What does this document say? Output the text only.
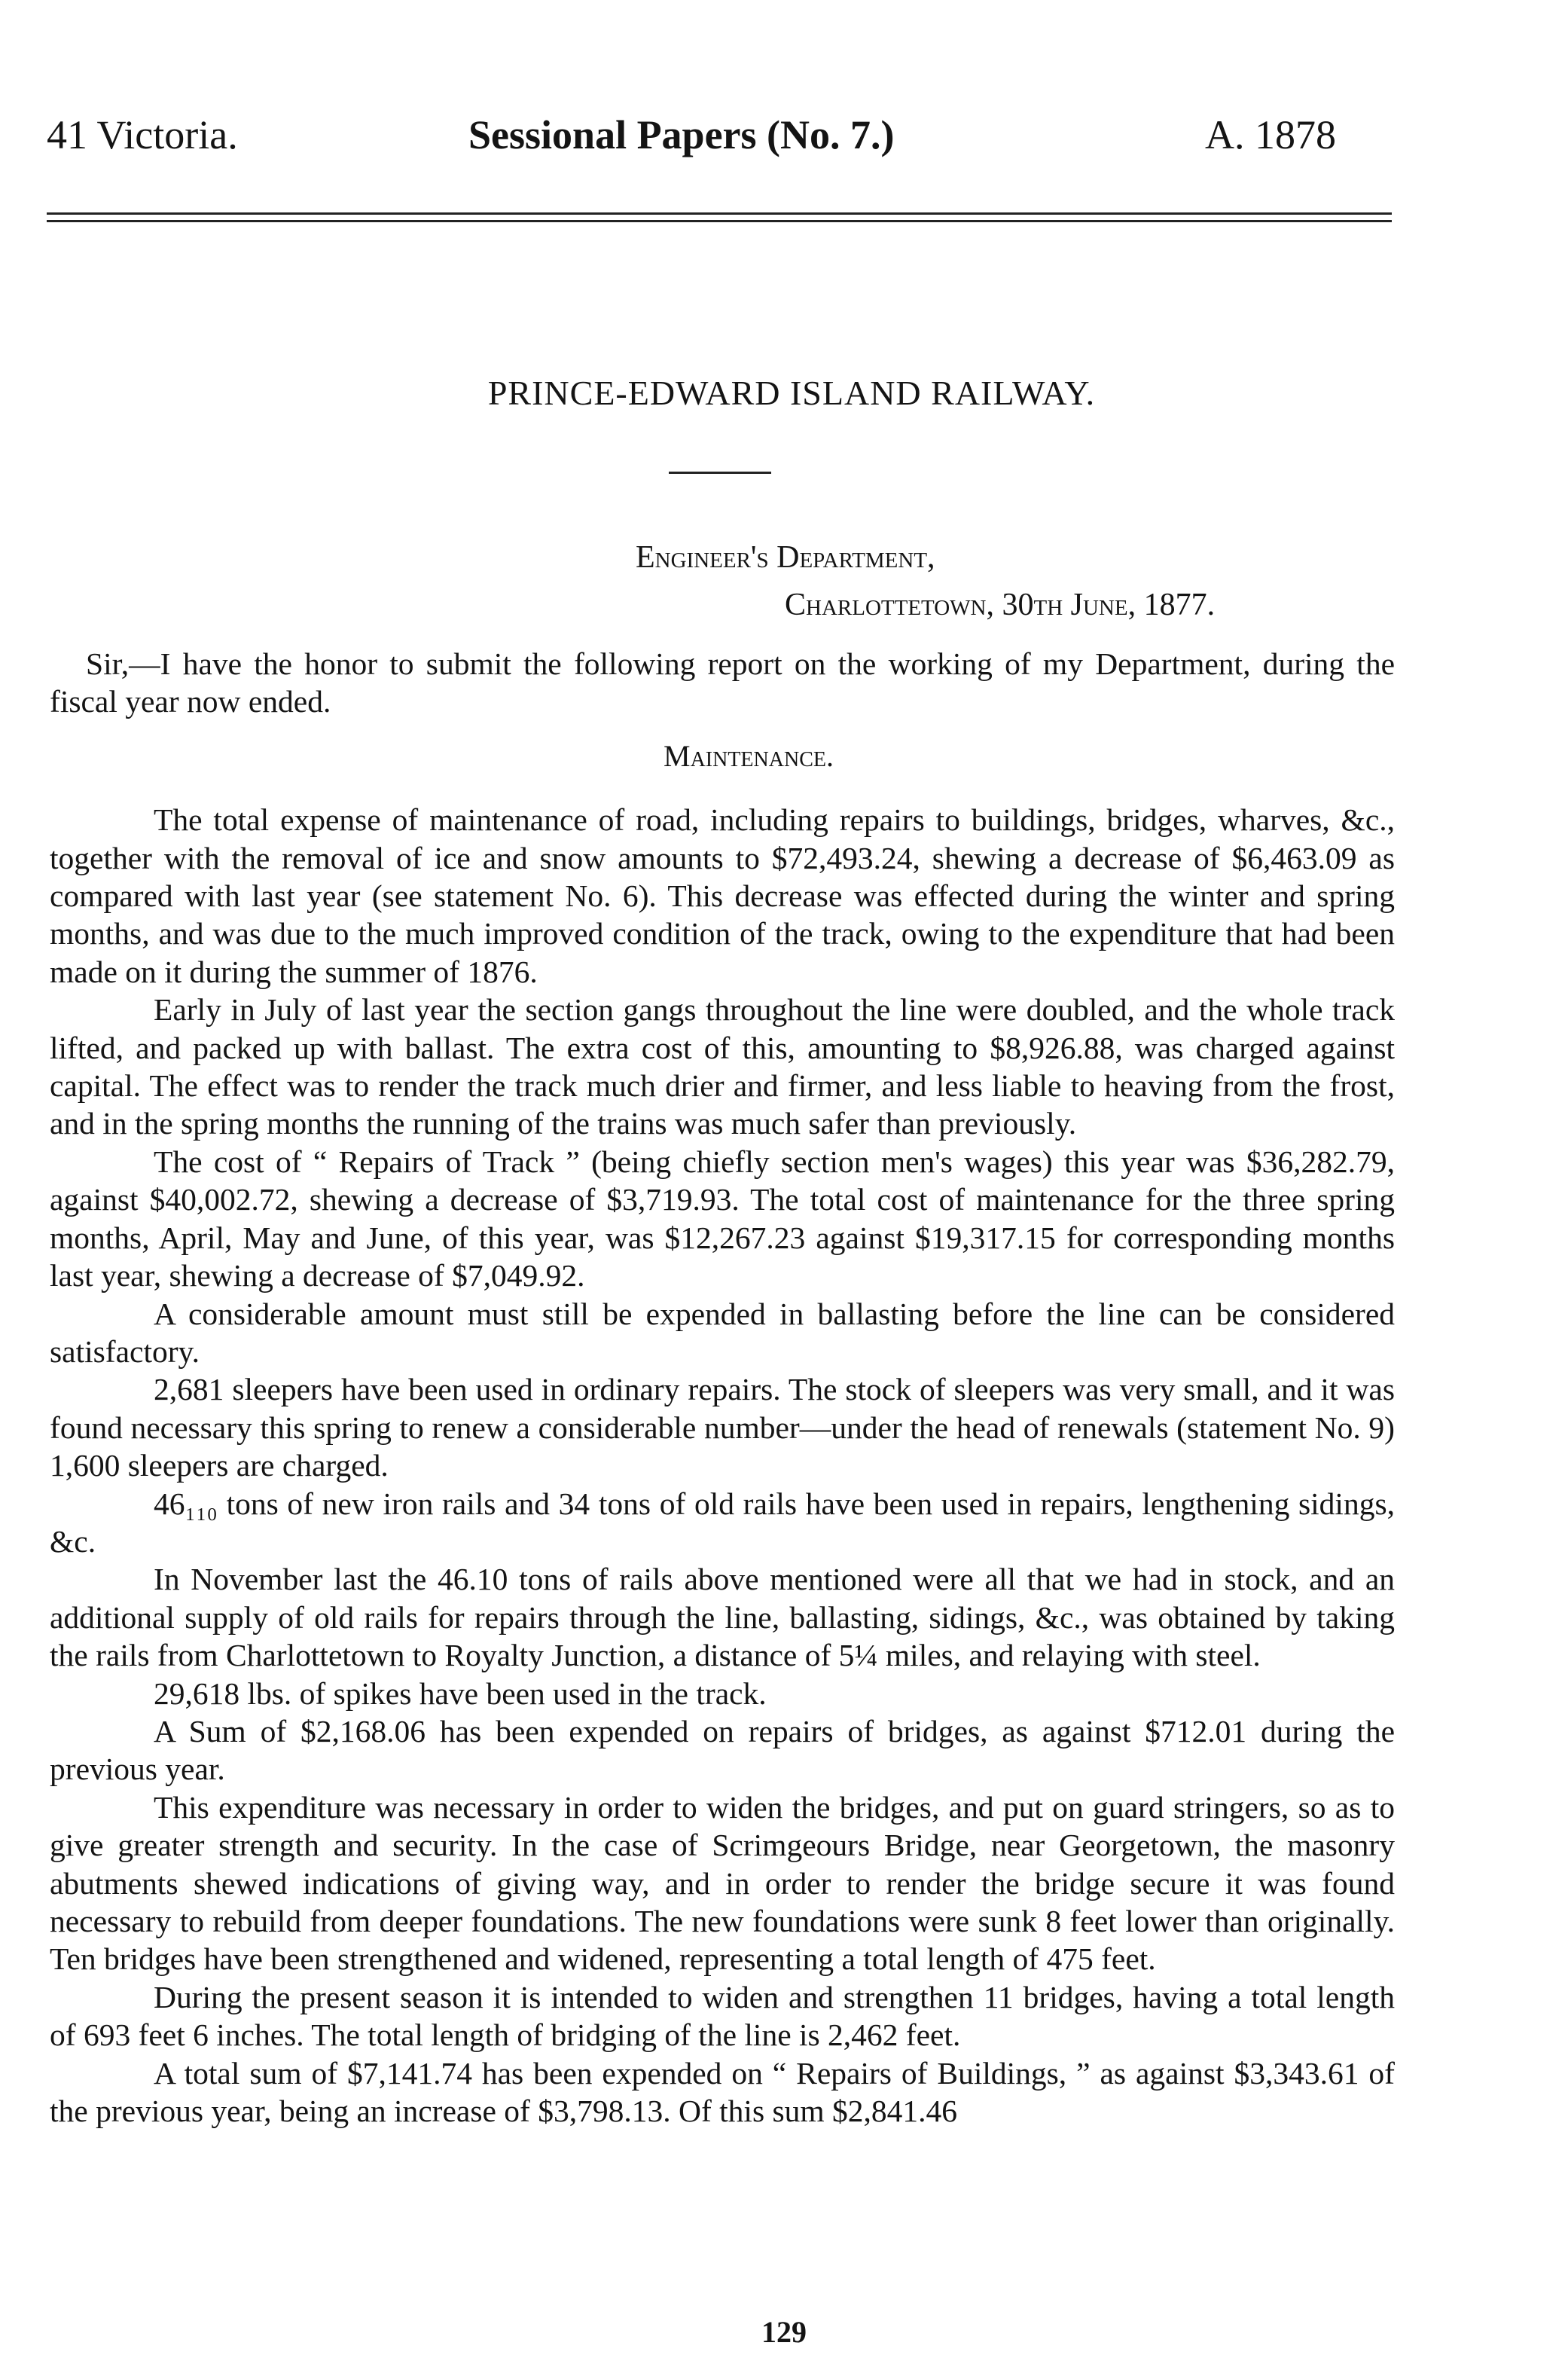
41 Victoria.	Sessional Papers (No. 7.)	A. 1878
PRINCE-EDWARD ISLAND RAILWAY.
Engineer's Department,
Charlottetown, 30th June, 1877.

Sir,—I have the honor to submit the following report on the working of my Department, during the fiscal year now ended.

Maintenance.

The total expense of maintenance of road, including repairs to buildings, bridges, wharves, &c., together with the removal of ice and snow amounts to $72,493.24, shewing a decrease of $6,463.09 as compared with last year (see statement No. 6). This decrease was effected during the winter and spring months, and was due to the much improved condition of the track, owing to the expenditure that had been made on it during the summer of 1876.

Early in July of last year the section gangs throughout the line were doubled, and the whole track lifted, and packed up with ballast. The extra cost of this, amounting to $8,926.88, was charged against capital. The effect was to render the track much drier and firmer, and less liable to heaving from the frost, and in the spring months the running of the trains was much safer than previously.

The cost of “ Repairs of Track ” (being chiefly section men's wages) this year was $36,282.79, against $40,002.72, shewing a decrease of $3,719.93. The total cost of maintenance for the three spring months, April, May and June, of this year, was $12,267.23 against $19,317.15 for corresponding months last year, shewing a decrease of $7,049.92.

A considerable amount must still be expended in ballasting before the line can be considered satisfactory.

2,681 sleepers have been used in ordinary repairs. The stock of sleepers was very small, and it was found necessary this spring to renew a considerable number—under the head of renewals (statement No. 9) 1,600 sleepers are charged.

46₁₁₀ tons of new iron rails and 34 tons of old rails have been used in repairs, lengthening sidings, &c.

In November last the 46.10 tons of rails above mentioned were all that we had in stock, and an additional supply of old rails for repairs through the line, ballasting, sidings, &c., was obtained by taking the rails from Charlottetown to Royalty Junction, a distance of 5¼ miles, and relaying with steel.

29,618 lbs. of spikes have been used in the track.

A Sum of $2,168.06 has been expended on repairs of bridges, as against $712.01 during the previous year.

This expenditure was necessary in order to widen the bridges, and put on guard stringers, so as to give greater strength and security. In the case of Scrimgeours Bridge, near Georgetown, the masonry abutments shewed indications of giving way, and in order to render the bridge secure it was found necessary to rebuild from deeper foundations. The new foundations were sunk 8 feet lower than originally. Ten bridges have been strengthened and widened, representing a total length of 475 feet.

During the present season it is intended to widen and strengthen 11 bridges, having a total length of 693 feet 6 inches. The total length of bridging of the line is 2,462 feet.

A total sum of $7,141.74 has been expended on “ Repairs of Buildings, ” as against $3,343.61 of the previous year, being an increase of $3,798.13. Of this sum $2,841.46

129
